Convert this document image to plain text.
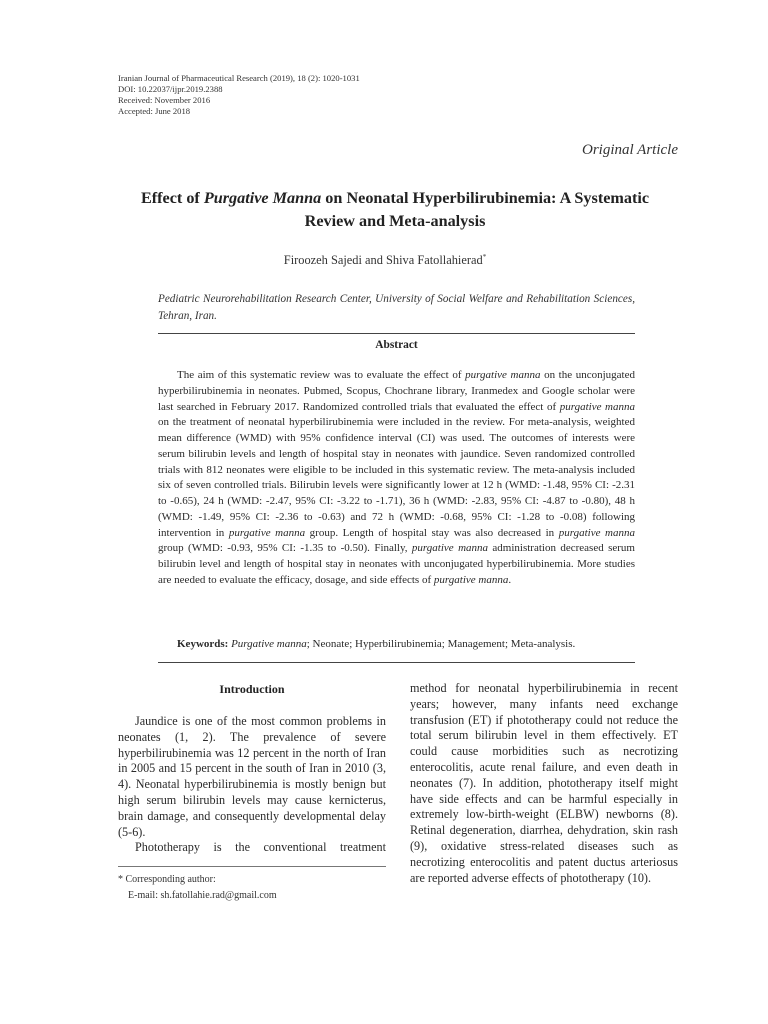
Iranian Journal of Pharmaceutical Research (2019), 18 (2): 1020-1031
DOI: 10.22037/ijpr.2019.2388
Received: November 2016
Accepted: June 2018
Original Article
Effect of Purgative Manna on Neonatal Hyperbilirubinemia: A Systematic
Review and Meta-analysis
Firoozeh Sajedi and Shiva Fatollahierad*
Pediatric Neurorehabilitation Research Center, University of Social Welfare and Rehabilitation Sciences, Tehran, Iran.
Abstract
The aim of this systematic review was to evaluate the effect of purgative manna on the unconjugated hyperbilirubinemia in neonates. Pubmed, Scopus, Chochrane library, Iranmedex and Google scholar were last searched in February 2017. Randomized controlled trials that evaluated the effect of purgative manna on the treatment of neonatal hyperbilirubinemia were included in the review. For meta-analysis, weighted mean difference (WMD) with 95% confidence interval (CI) was used. The outcomes of interests were serum bilirubin levels and length of hospital stay in neonates with jaundice. Seven randomized controlled trials with 812 neonates were eligible to be included in this systematic review. The meta-analysis included six of seven controlled trials. Bilirubin levels were significantly lower at 12 h (WMD: -1.48, 95% CI: -2.31 to -0.65), 24 h (WMD: -2.47, 95% CI: -3.22 to -1.71), 36 h (WMD: -2.83, 95% CI: -4.87 to -0.80), 48 h (WMD: -1.49, 95% CI: -2.36 to -0.63) and 72 h (WMD: -0.68, 95% CI: -1.28 to -0.08) following intervention in purgative manna group. Length of hospital stay was also decreased in purgative manna group (WMD: -0.93, 95% CI: -1.35 to -0.50). Finally, purgative manna administration decreased serum bilirubin level and length of hospital stay in neonates with unconjugated hyperbilirubinemia. More studies are needed to evaluate the efficacy, dosage, and side effects of purgative manna.
Keywords: Purgative manna; Neonate; Hyperbilirubinemia; Management; Meta-analysis.
Introduction

Jaundice is one of the most common problems in neonates (1, 2). The prevalence of severe hyperbilirubinemia was 12 percent in the north of Iran in 2005 and 15 percent in the south of Iran in 2010 (3, 4). Neonatal hyperbilirubinemia is mostly benign but high serum bilirubin levels may cause kernicterus, brain damage, and consequently developmental delay (5-6).

Phototherapy is the conventional treatment

method for neonatal hyperbilirubinemia in recent years; however, many infants need exchange transfusion (ET) if phototherapy could not reduce the total serum bilirubin level in them effectively. ET could cause morbidities such as necrotizing enterocolitis, acute renal failure, and even death in neonates (7). In addition, phototherapy itself might have side effects and can be harmful especially in extremely low-birth-weight (ELBW) newborns (8). Retinal degeneration, diarrhea, dehydration, skin rash (9), oxidative stress-related diseases such as necrotizing enterocolitis and patent ductus arteriosus are reported adverse effects of phototherapy (10).

* Corresponding author:
E-mail: sh.fatollahie.rad@gmail.com
